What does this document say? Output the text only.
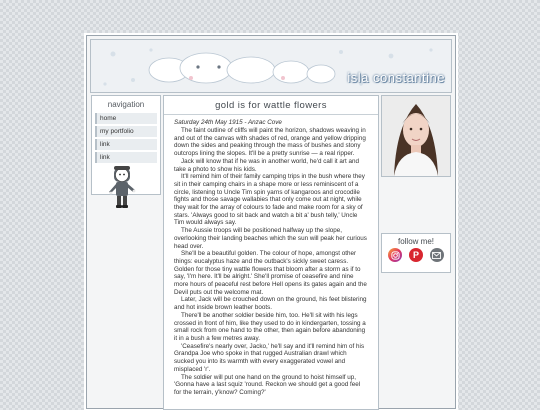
isla constantine
navigation
home
my portfolio
link
link
gold is for wattle flowers

Saturday 24th May 1915 - Anzac Cove

The faint outline of cliffs will paint the horizon, shadows weaving in and out of the canvas with shades of red, orange and yellow dripping down the sides and peaking through the mass of bushes and stony outcrops lining the slopes. It'll be a pretty sunrise — a real ripper.

Jack will know that if he was in another world, he'd call it art and take a photo to show his kids.

It'll remind him of their family camping trips in the bush where they sit in their camping chairs in a shape more or less reminiscent of a circle, listening to Uncle Tim spin yarns of kangaroos and crocodile fights and those savage wallabies that only come out at night, while they wait for the array of colours to fade and make room for a sky of stars. 'Always good to sit back and watch a bit a' bush telly,' Uncle Tim would always say.

The Aussie troops will be positioned halfway up the slope, overlooking their landing beaches which the sun will peak her curious head over.

She'll be a beautiful golden. The colour of hope, amongst other things: eucalyptus haze and the outback's sickly sweet caress. Golden for those tiny wattle flowers that bloom after a storm as if to say, 'I'm here. It'll be alright.' She'll promise of ceasefire and nine more hours of peaceful rest before Hell opens its gates again and the Devil puts out the welcome mat.

Later, Jack will be crouched down on the ground, his feet blistering and hot inside brown leather boots.

There'll be another soldier beside him, too. He'll sit with his legs crossed in front of him, like they used to do in kindergarten, tossing a small rock from one hand to the other, then again before abandoning it in a bush a few metres away.

'Ceasefire's nearly over, Jacko,' he'll say and it'll remind him of his Grandpa Joe who spoke in that rugged Australian drawl which sucked you into its warmth with every exaggerated vowel and misplaced 'r'.

The soldier will put one hand on the ground to hoist himself up, 'Gonna have a last squiz 'round. Reckon we should get a good feel for the terrain, y'know? Coming?'

follow me!
P
